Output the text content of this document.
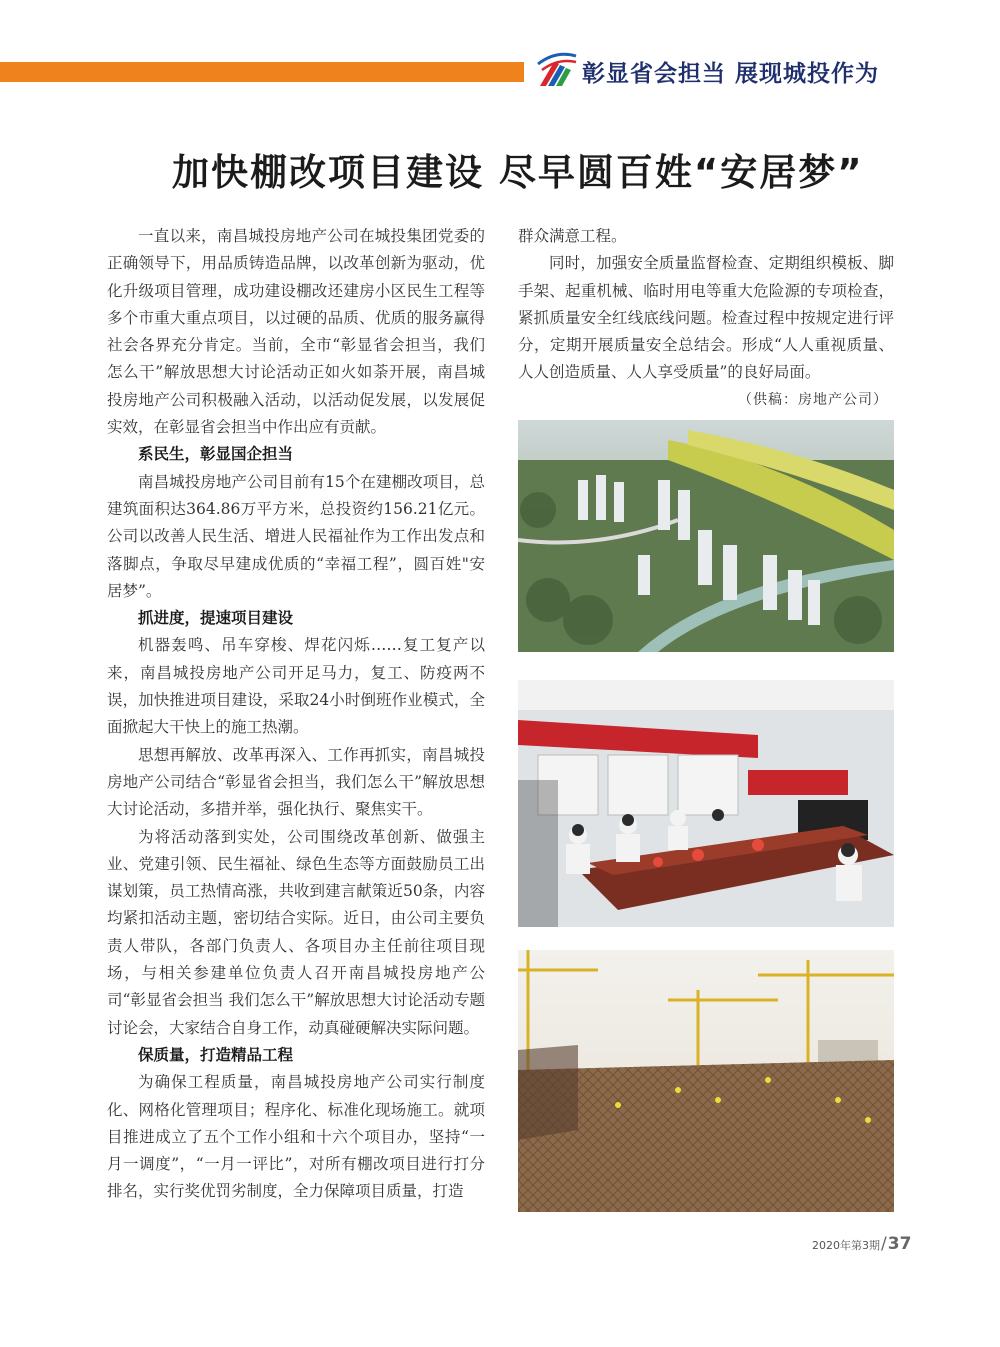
彰显省会担当 展现城投作为
加快棚改项目建设 尽早圆百姓“安居梦”

一直以来，南昌城投房地产公司在城投集团党委的正确领导下，用品质铸造品牌，以改革创新为驱动，优化升级项目管理，成功建设棚改还建房小区民生工程等多个市重大重点项目，以过硬的品质、优质的服务赢得社会各界充分肯定。当前，全市“彰显省会担当，我们怎么干”解放思想大讨论活动正如火如荼开展，南昌城投房地产公司积极融入活动，以活动促发展，以发展促实效，在彰显省会担当中作出应有贡献。

系民生，彰显国企担当

南昌城投房地产公司目前有15个在建棚改项目，总建筑面积达364.86万平方米，总投资约156.21亿元。公司以改善人民生活、增进人民福祉作为工作出发点和落脚点，争取尽早建成优质的“幸福工程”，圆百姓"安居梦”。

抓进度，提速项目建设

机器轰鸣、吊车穿梭、焊花闪烁……复工复产以来，南昌城投房地产公司开足马力，复工、防疫两不误，加快推进项目建设，采取24小时倒班作业模式，全面掀起大干快上的施工热潮。

思想再解放、改革再深入、工作再抓实，南昌城投房地产公司结合“彰显省会担当，我们怎么干”解放思想大讨论活动，多措并举，强化执行、聚焦实干。

为将活动落到实处，公司围绕改革创新、做强主业、党建引领、民生福祉、绿色生态等方面鼓励员工出谋划策，员工热情高涨，共收到建言献策近50条，内容均紧扣活动主题，密切结合实际。近日，由公司主要负责人带队，各部门负责人、各项目办主任前往项目现场，与相关参建单位负责人召开南昌城投房地产公司“彰显省会担当 我们怎么干”解放思想大讨论活动专题讨论会，大家结合自身工作，动真碰硬解决实际问题。

保质量，打造精品工程

为确保工程质量，南昌城投房地产公司实行制度化、网格化管理项目；程序化、标准化现场施工。就项目推进成立了五个工作小组和十六个项目办，坚持“一月一调度”，“一月一评比”，对所有棚改项目进行打分排名，实行奖优罚劣制度，全力保障项目质量，打造

群众满意工程。

同时，加强安全质量监督检查、定期组织模板、脚手架、起重机械、临时用电等重大危险源的专项检查，紧抓质量安全红线底线问题。检查过程中按规定进行评分，定期开展质量安全总结会。形成“人人重视质量、人人创造质量、人人享受质量”的良好局面。

（供稿：房地产公司）
2020年第3期/37
